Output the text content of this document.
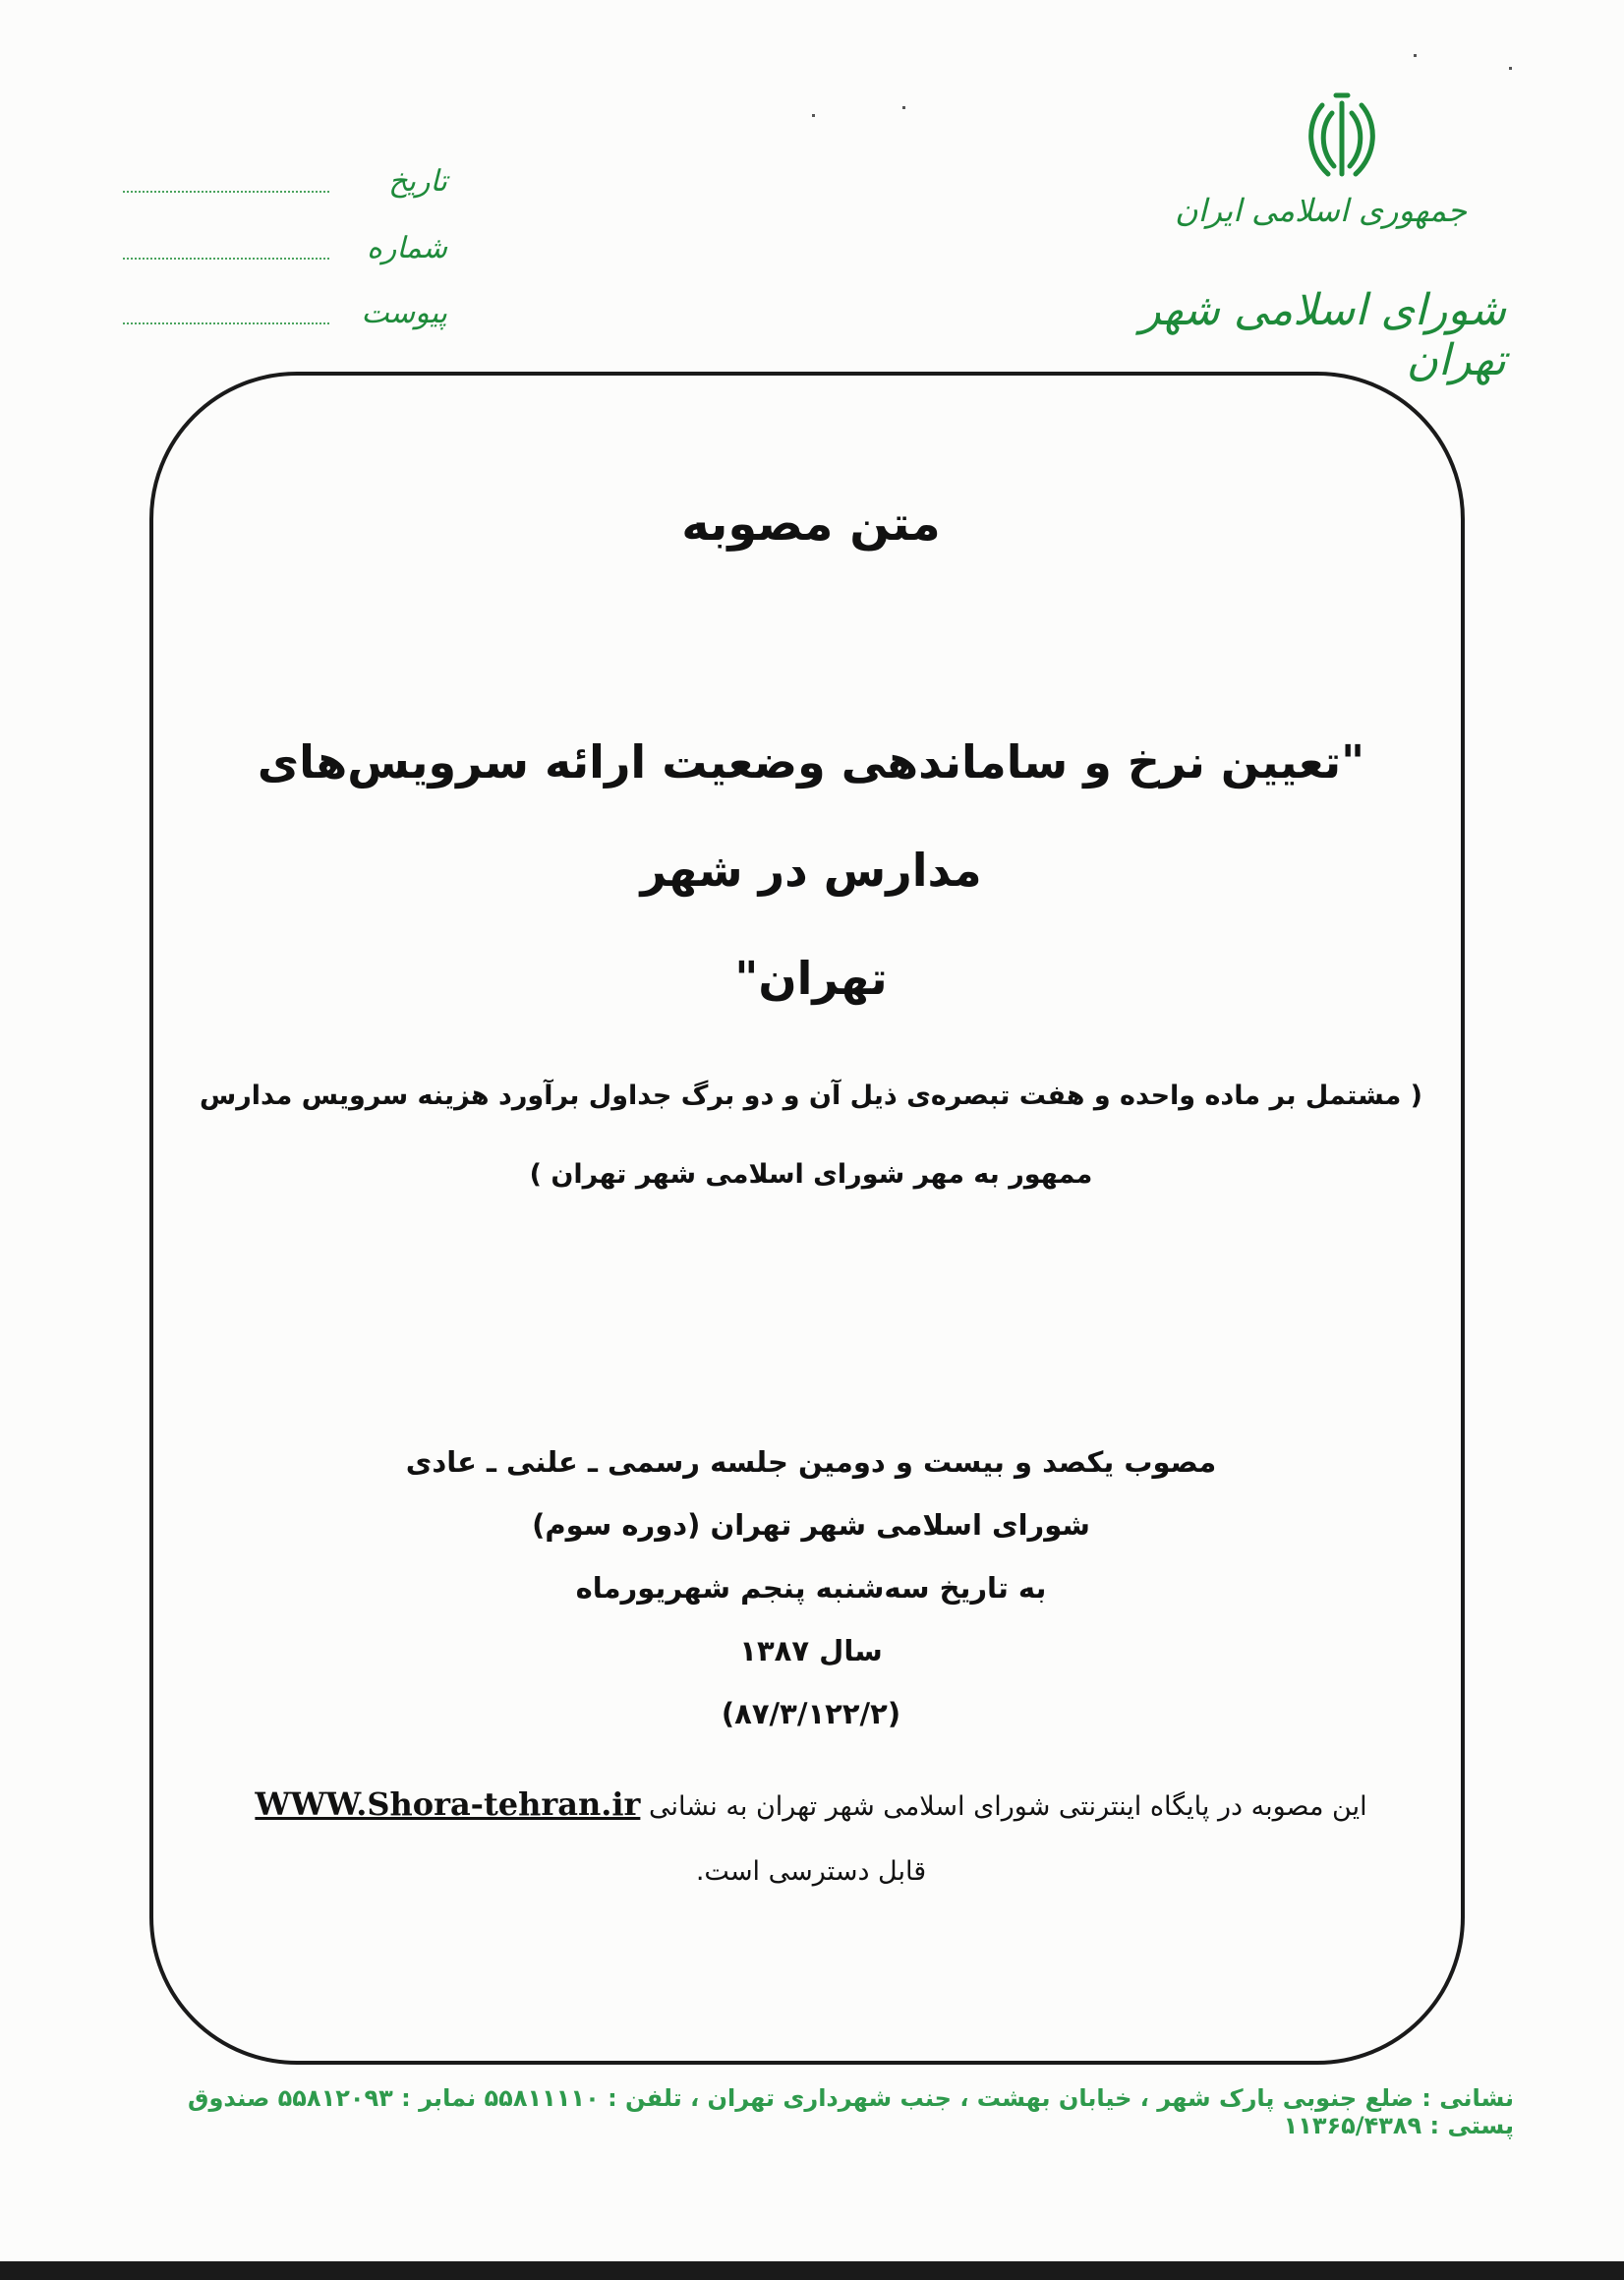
جمهوری اسلامی ایران
شورای اسلامی شهر تهران
تاریخ
شماره
پیوست
متن مصوبه
"تعیین نرخ و ساماندهی وضعیت ارائه سرویس‌های مدارس در شهر
تهران"
( مشتمل بر ماده واحده و هفت تبصره‌ی ذیل آن و دو برگ جداول برآورد هزینه سرویس مدارس
ممهور به مهر شورای اسلامی شهر تهران )
مصوب یکصد و بیست و دومین جلسه رسمی ـ علنی ـ عادی
شورای اسلامی شهر تهران (دوره سوم)
به تاریخ سه‌شنبه پنجم شهریورماه
سال ۱۳۸۷
(۸۷/۳/۱۲۲/۲)
این مصوبه در پایگاه اینترنتی شورای اسلامی شهر تهران به نشانی WWW.Shora-tehran.ir
قابل دسترسی است.
نشانی : ضلع جنوبی پارک شهر ، خیابان بهشت ، جنب شهرداری تهران ، تلفن : ۵۵۸۱۱۱۱۰ نمابر : ۵۵۸۱۲۰۹۳ صندوق پستی : ۱۱۳۶۵/۴۳۸۹
